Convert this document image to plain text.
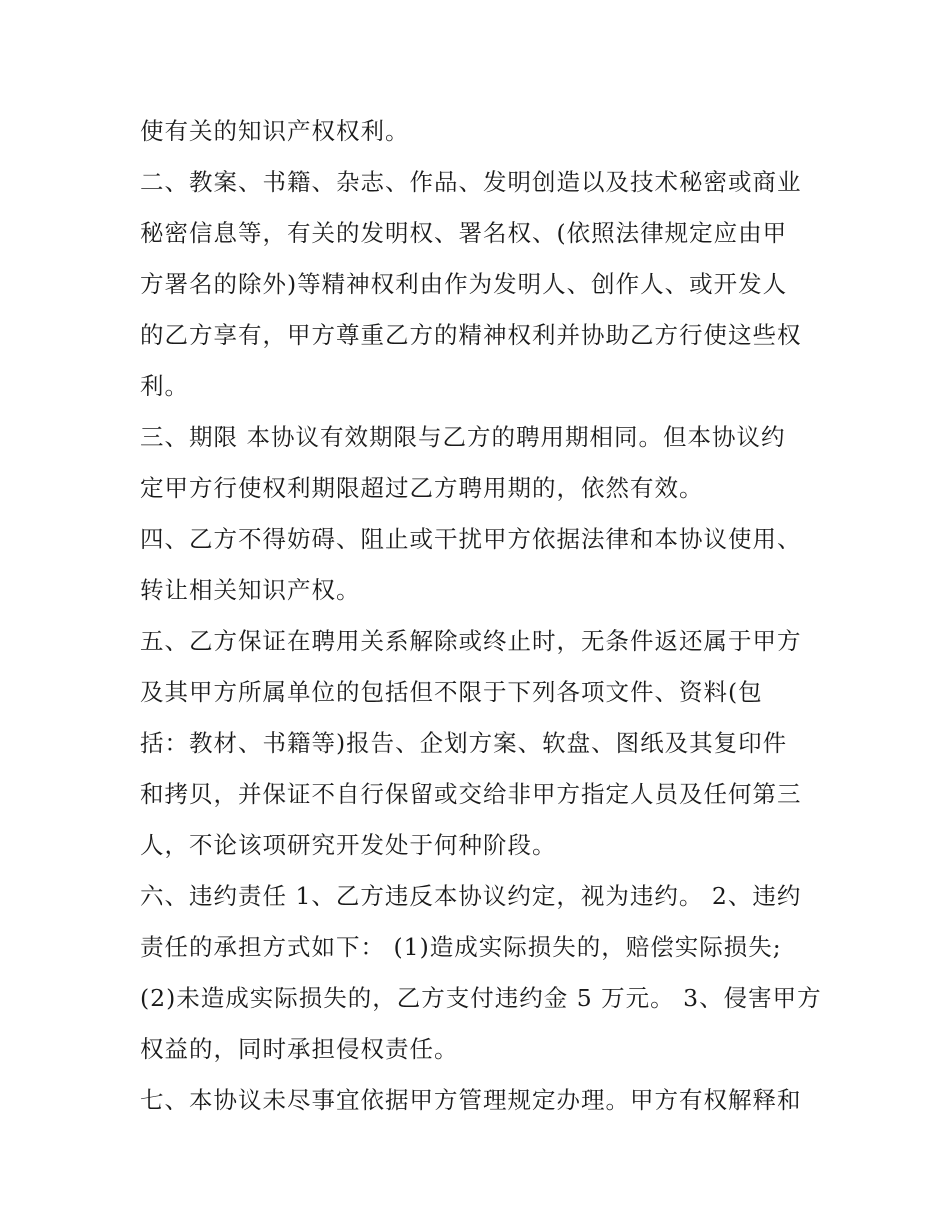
使有关的知识产权权利。
二、教案、书籍、杂志、作品、发明创造以及技术秘密或商业
秘密信息等，有关的发明权、署名权、(依照法律规定应由甲
方署名的除外)等精神权利由作为发明人、创作人、或开发人
的乙方享有，甲方尊重乙方的精神权利并协助乙方行使这些权
利。
三、期限 本协议有效期限与乙方的聘用期相同。但本协议约
定甲方行使权利期限超过乙方聘用期的，依然有效。
四、乙方不得妨碍、阻止或干扰甲方依据法律和本协议使用、
转让相关知识产权。
五、乙方保证在聘用关系解除或终止时，无条件返还属于甲方
及其甲方所属单位的包括但不限于下列各项文件、资料(包
括：教材、书籍等)报告、企划方案、软盘、图纸及其复印件
和拷贝，并保证不自行保留或交给非甲方指定人员及任何第三
人，不论该项研究开发处于何种阶段。
六、违约责任 1、乙方违反本协议约定，视为违约。 2、违约
责任的承担方式如下： (1)造成实际损失的，赔偿实际损失;
(2)未造成实际损失的，乙方支付违约金 5 万元。 3、侵害甲方
权益的，同时承担侵权责任。
七、本协议未尽事宜依据甲方管理规定办理。甲方有权解释和
